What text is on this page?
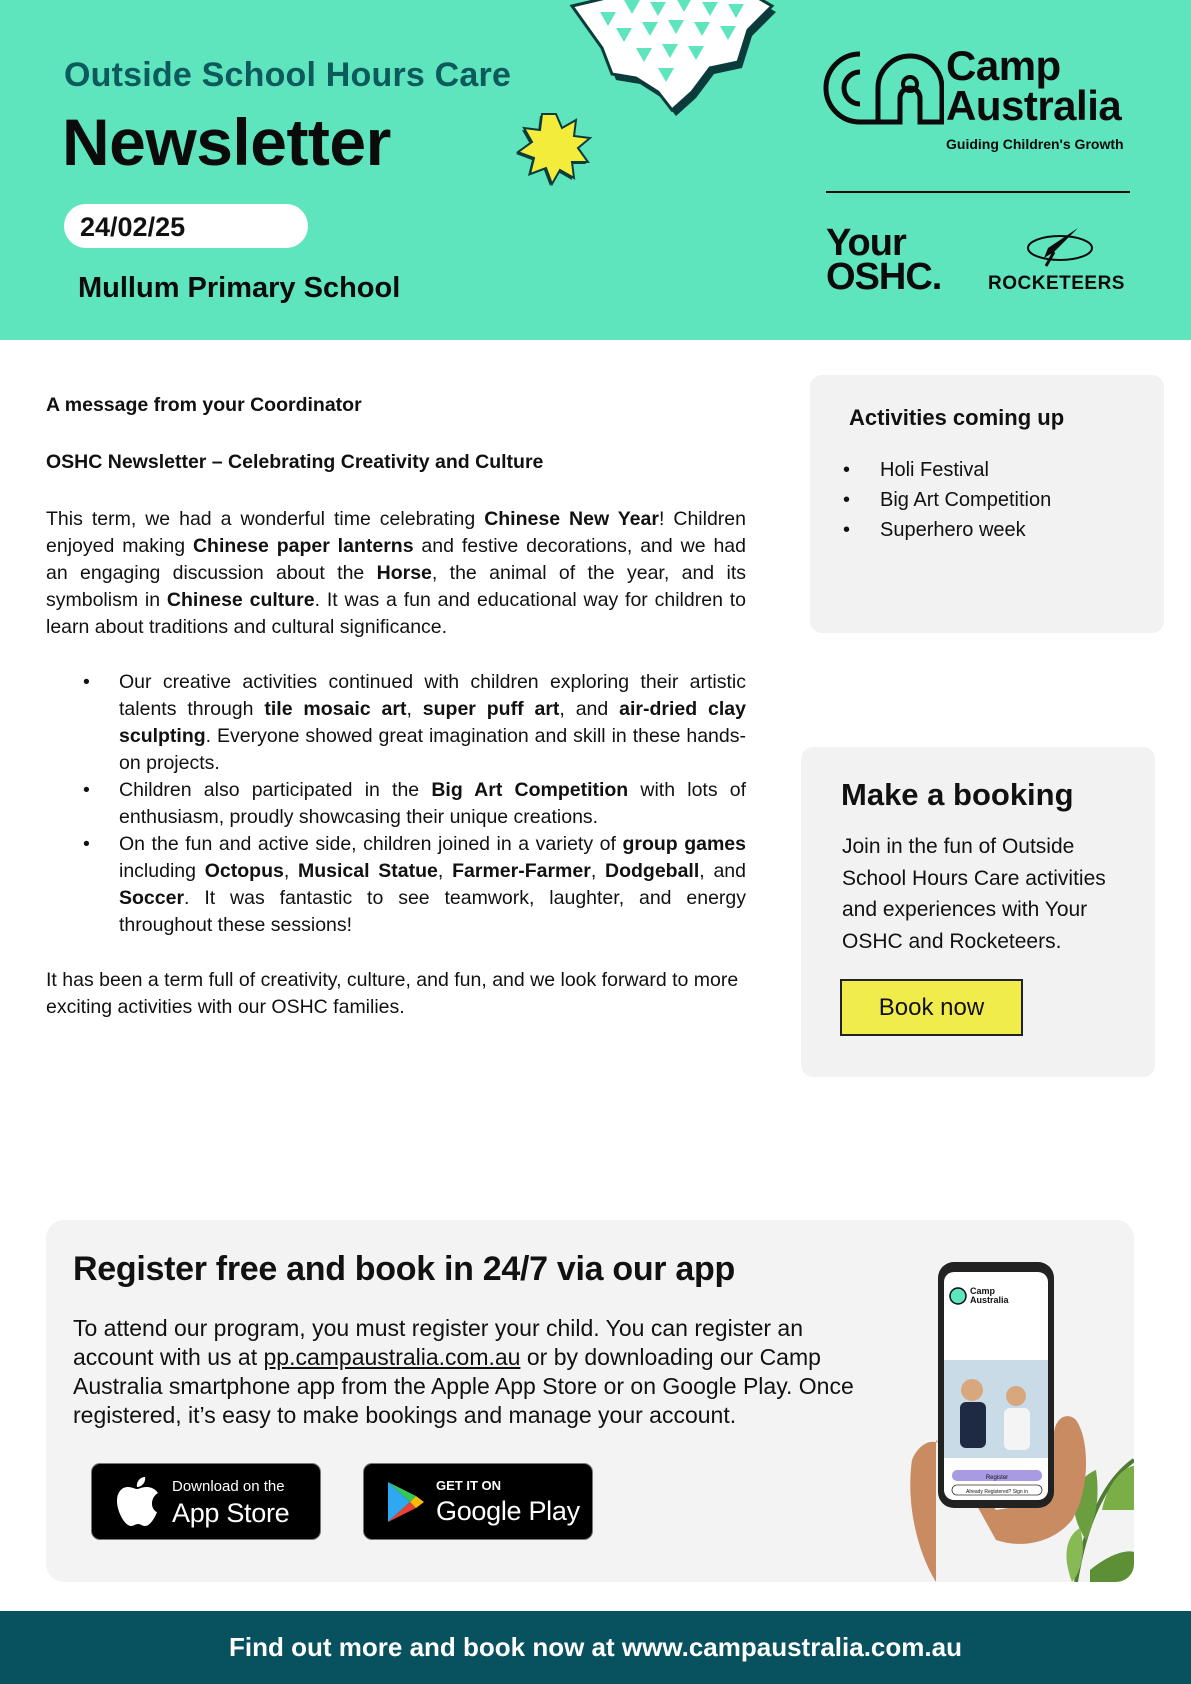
Outside School Hours Care
Newsletter
24/02/25
Mullum Primary School
Camp
Australia
Guiding Children's Growth
Your
OSHC. ROCKETEERS
A message from your Coordinator
OSHC Newsletter – Celebrating Creativity and Culture
This term, we had a wonderful time celebrating Chinese New Year! Children enjoyed making Chinese paper lanterns and festive decorations, and we had an engaging discussion about the Horse, the animal of the year, and its symbolism in Chinese culture. It was a fun and educational way for children to learn about traditions and cultural significance.
• Our creative activities continued with children exploring their artistic talents through tile mosaic art, super puff art, and air-dried clay sculpting. Everyone showed great imagination and skill in these hands-on projects.
• Children also participated in the Big Art Competition with lots of enthusiasm, proudly showcasing their unique creations.
• On the fun and active side, children joined in a variety of group games including Octopus, Musical Statue, Farmer-Farmer, Dodgeball, and Soccer. It was fantastic to see teamwork, laughter, and energy throughout these sessions!
It has been a term full of creativity, culture, and fun, and we look forward to more exciting activities with our OSHC families.
Activities coming up
• Holi Festival
• Big Art Competition
• Superhero week
Make a booking
Join in the fun of Outside School Hours Care activities and experiences with Your OSHC and Rocketeers.
Book now
Register free and book in 24/7 via our app
To attend our program, you must register your child. You can register an account with us at pp.campaustralia.com.au or by downloading our Camp Australia smartphone app from the Apple App Store or on Google Play. Once registered, it’s easy to make bookings and manage your account.
Download on the
App Store
GET IT ON
Google Play
Camp
Australia
Register
Already Registered? Sign in
Find out more and book now at www.campaustralia.com.au
